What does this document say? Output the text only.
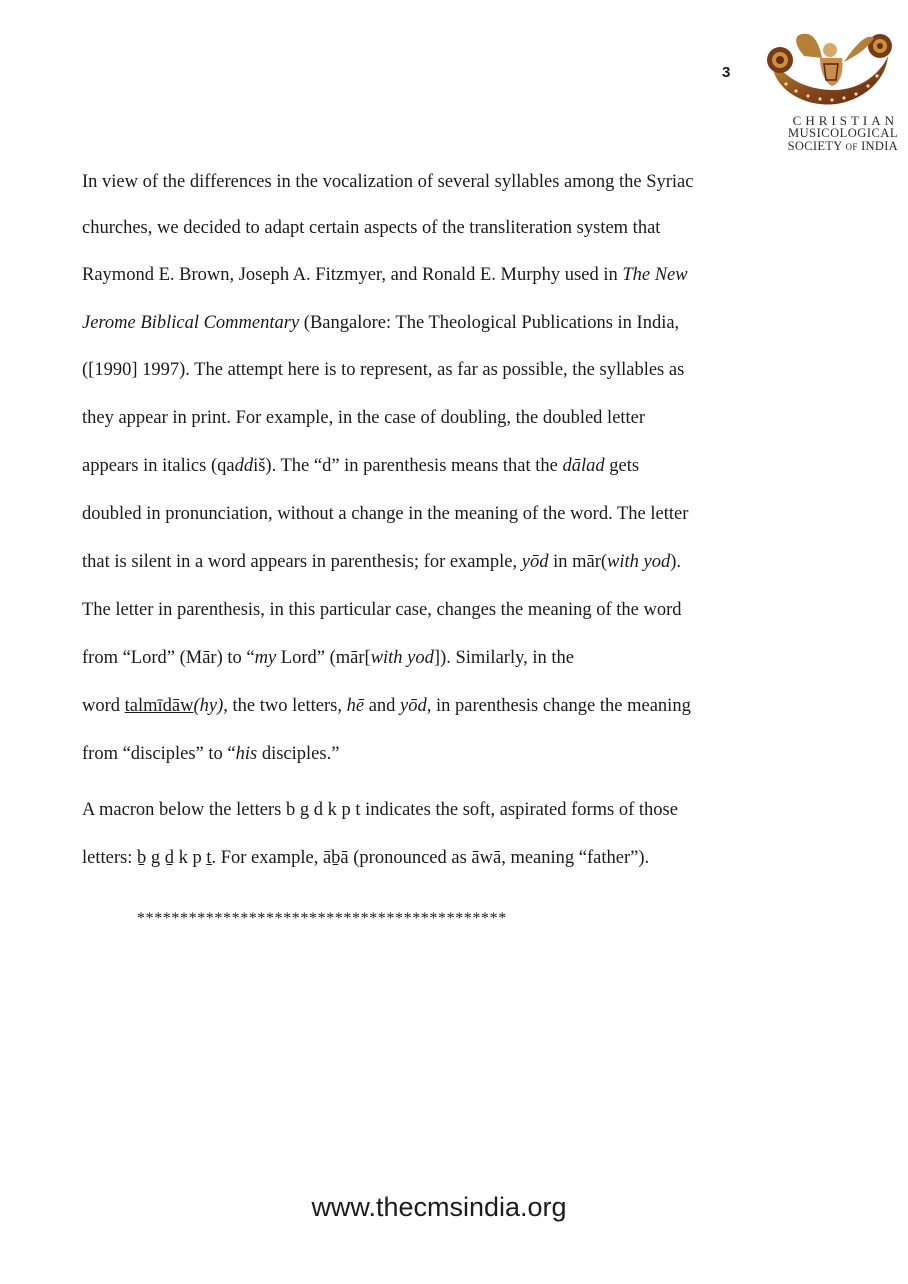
3
CHRISTIAN
MUSICOLOGICAL
SOCIETY OF INDIA
In view of the differences in the vocalization of several syllables among the Syriac
churches, we decided to adapt certain aspects of the transliteration system that
Raymond E. Brown, Joseph A. Fitzmyer, and Ronald E. Murphy used in The New
Jerome Biblical Commentary (Bangalore: The Theological Publications in India,
([1990] 1997). The attempt here is to represent, as far as possible, the syllables as
they appear in print. For example, in the case of doubling, the doubled letter
appears in italics (qaddiš). The “d” in parenthesis means that the dālad gets
doubled in pronunciation, without a change in the meaning of the word. The letter
that is silent in a word appears in parenthesis; for example, yōd in mār(with yod).
The letter in parenthesis, in this particular case, changes the meaning of the word
from “Lord” (Mār) to “my Lord” (mār[with yod]). Similarly, in the
word talmīdāw(hy), the two letters, hē and yōd, in parenthesis change the meaning
from “disciples” to “his disciples.”
A macron below the letters b g d k p t indicates the soft, aspirated forms of those
letters: ḇ g ḏ k p ṯ. For example, āḇā (pronounced as āwā, meaning “father”).
*******************************************
www.thecmsindia.org
